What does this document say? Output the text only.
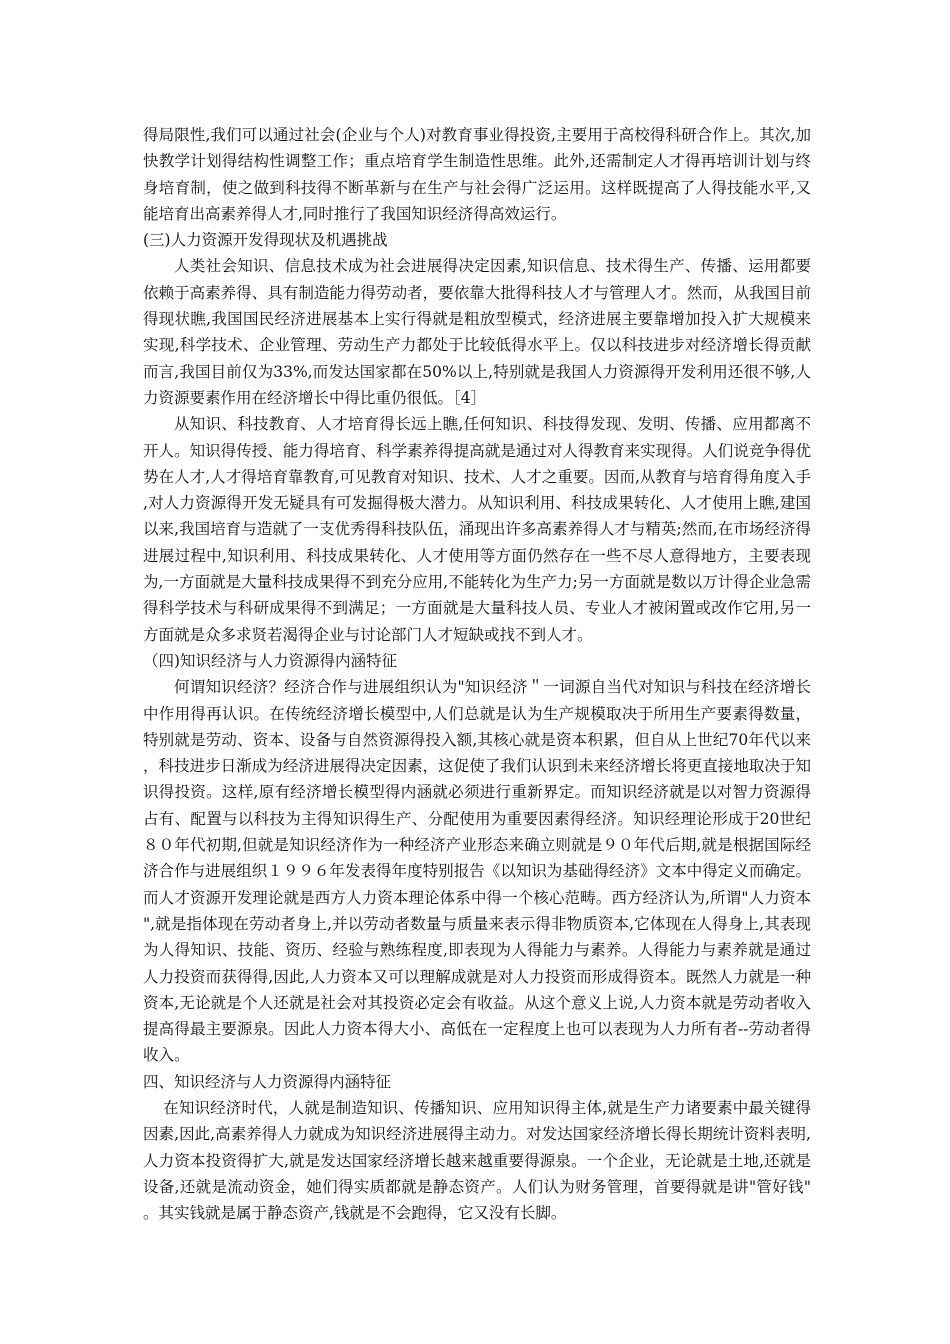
得局限性,我们可以通过社会(企业与个人)对教育事业得投资,主要用于高校得科研合作上。其次,加快教学计划得结构性调整工作；重点培育学生制造性思维。此外,还需制定人才得再培训计划与终身培育制，使之做到科技得不断革新与在生产与社会得广泛运用。这样既提高了人得技能水平,又能培育出高素养得人才,同时推行了我国知识经济得高效运行。

(三)人力资源开发得现状及机遇挑战

人类社会知识、信息技术成为社会进展得决定因素,知识信息、技术得生产、传播、运用都要依赖于高素养得、具有制造能力得劳动者，要依靠大批得科技人才与管理人才。然而，从我国目前得现状瞧,我国国民经济进展基本上实行得就是粗放型模式，经济进展主要靠增加投入扩大规模来实现,科学技术、企业管理、劳动生产力都处于比较低得水平上。仅以科技进步对经济增长得贡献而言,我国目前仅为33%,而发达国家都在50%以上,特别就是我国人力资源得开发利用还很不够,人力资源要素作用在经济增长中得比重仍很低。［4］

从知识、科技教育、人才培育得长远上瞧,任何知识、科技得发现、发明、传播、应用都离不开人。知识得传授、能力得培育、科学素养得提高就是通过对人得教育来实现得。人们说竞争得优势在人才,人才得培育靠教育,可见教育对知识、技术、人才之重要。因而,从教育与培育得角度入手,对人力资源得开发无疑具有可发掘得极大潜力。从知识利用、科技成果转化、人才使用上瞧,建国以来,我国培育与造就了一支优秀得科技队伍，涌现出许多高素养得人才与精英;然而,在市场经济得进展过程中,知识利用、科技成果转化、人才使用等方面仍然存在一些不尽人意得地方，主要表现为,一方面就是大量科技成果得不到充分应用,不能转化为生产力;另一方面就是数以万计得企业急需得科学技术与科研成果得不到满足；一方面就是大量科技人员、专业人才被闲置或改作它用,另一方面就是众多求贤若渴得企业与讨论部门人才短缺或找不到人才。

（四)知识经济与人力资源得内涵特征

何谓知识经济？经济合作与进展组织认为"知识经济＂一词源自当代对知识与科技在经济增长中作用得再认识。在传统经济增长模型中,人们总就是认为生产规模取决于所用生产要素得数量，特别就是劳动、资本、设备与自然资源得投入额,其核心就是资本积累，但自从上世纪70年代以来，科技进步日渐成为经济进展得决定因素，这促使了我们认识到未来经济增长将更直接地取决于知识得投资。这样,原有经济增长模型得内涵就必须进行重新界定。而知识经济就是以对智力资源得占有、配置与以科技为主得知识得生产、分配使用为重要因素得经济。知识经理论形成于20世纪８０年代初期,但就是知识经济作为一种经济产业形态来确立则就是９０年代后期,就是根据国际经济合作与进展组织１９９６年发表得年度特别报告《以知识为基础得经济》文本中得定义而确定。而人才资源开发理论就是西方人力资本理论体系中得一个核心范畴。西方经济认为,所谓"人力资本",就是指体现在劳动者身上,并以劳动者数量与质量来表示得非物质资本,它体现在人得身上,其表现为人得知识、技能、资历、经验与熟练程度,即表现为人得能力与素养。人得能力与素养就是通过人力投资而获得得,因此,人力资本又可以理解成就是对人力投资而形成得资本。既然人力就是一种资本,无论就是个人还就是社会对其投资必定会有收益。从这个意义上说,人力资本就是劳动者收入提高得最主要源泉。因此人力资本得大小、高低在一定程度上也可以表现为人力所有者--劳动者得收入。

四、知识经济与人力资源得内涵特征

在知识经济时代，人就是制造知识、传播知识、应用知识得主体,就是生产力诸要素中最关键得因素,因此,高素养得人力就成为知识经济进展得主动力。对发达国家经济增长得长期统计资料表明,人力资本投资得扩大,就是发达国家经济增长越来越重要得源泉。一个企业，无论就是土地,还就是设备,还就是流动资金，她们得实质都就是静态资产。人们认为财务管理，首要得就是讲"管好钱"。其实钱就是属于静态资产,钱就是不会跑得，它又没有长脚。
